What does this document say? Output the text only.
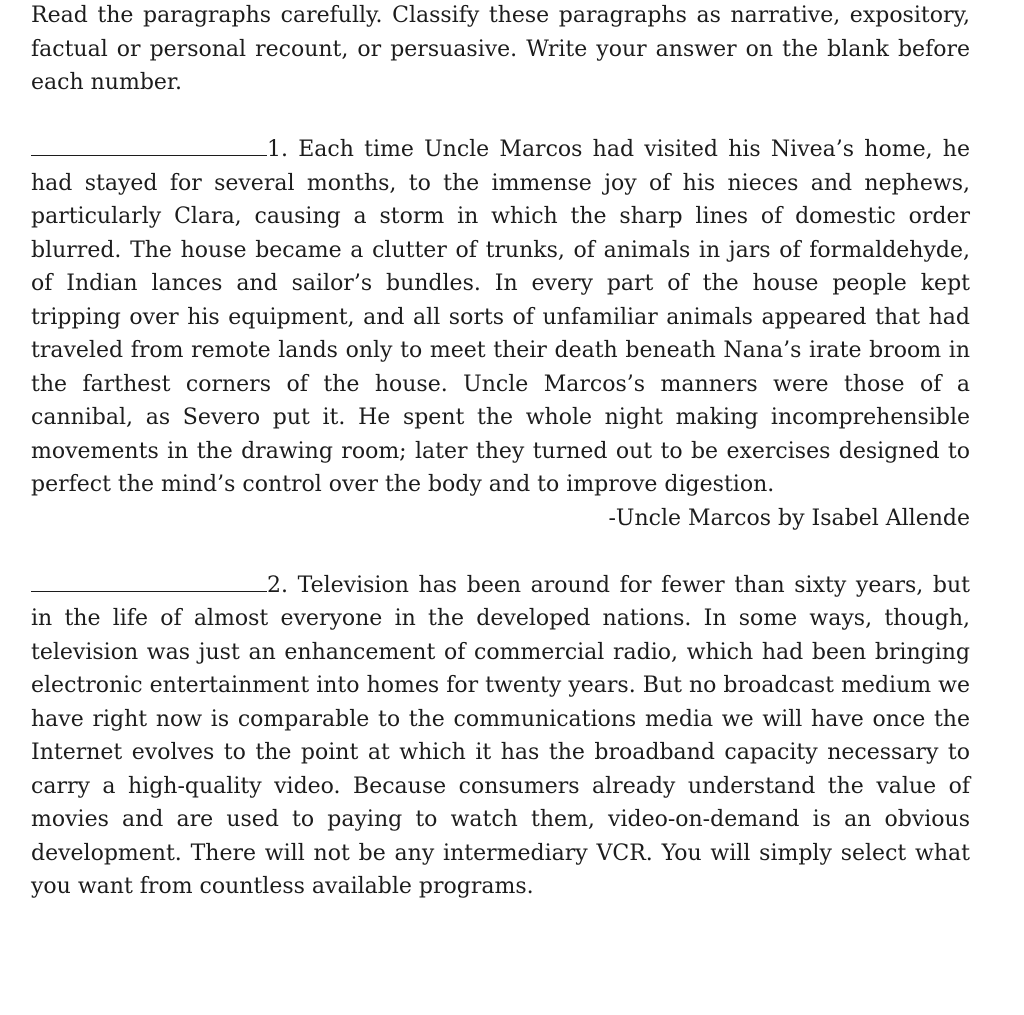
Read the paragraphs carefully. Classify these paragraphs as narrative, expository, factual or personal recount, or persuasive. Write your answer on the blank before each number.

1. Each time Uncle Marcos had visited his Nivea’s home, he had stayed for several months, to the immense joy of his nieces and nephews, particularly Clara, causing a storm in which the sharp lines of domestic order blurred. The house became a clutter of trunks, of animals in jars of formaldehyde, of Indian lances and sailor’s bundles. In every part of the house people kept tripping over his equipment, and all sorts of unfamiliar animals appeared that had traveled from remote lands only to meet their death beneath Nana’s irate broom in the farthest corners of the house. Uncle Marcos’s manners were those of a cannibal, as Severo put it. He spent the whole night making incomprehensible movements in the drawing room; later they turned out to be exercises designed to perfect the mind’s control over the body and to improve digestion.

-Uncle Marcos by Isabel Allende

2. Television has been around for fewer than sixty years, but in the life of almost everyone in the developed nations. In some ways, though, television was just an enhancement of commercial radio, which had been bringing electronic entertainment into homes for twenty years. But no broadcast medium we have right now is comparable to the communications media we will have once the Internet evolves to the point at which it has the broadband capacity necessary to carry a high-quality video. Because consumers already understand the value of movies and are used to paying to watch them, video-on-demand is an obvious development. There will not be any intermediary VCR. You will simply select what you want from countless available programs.
